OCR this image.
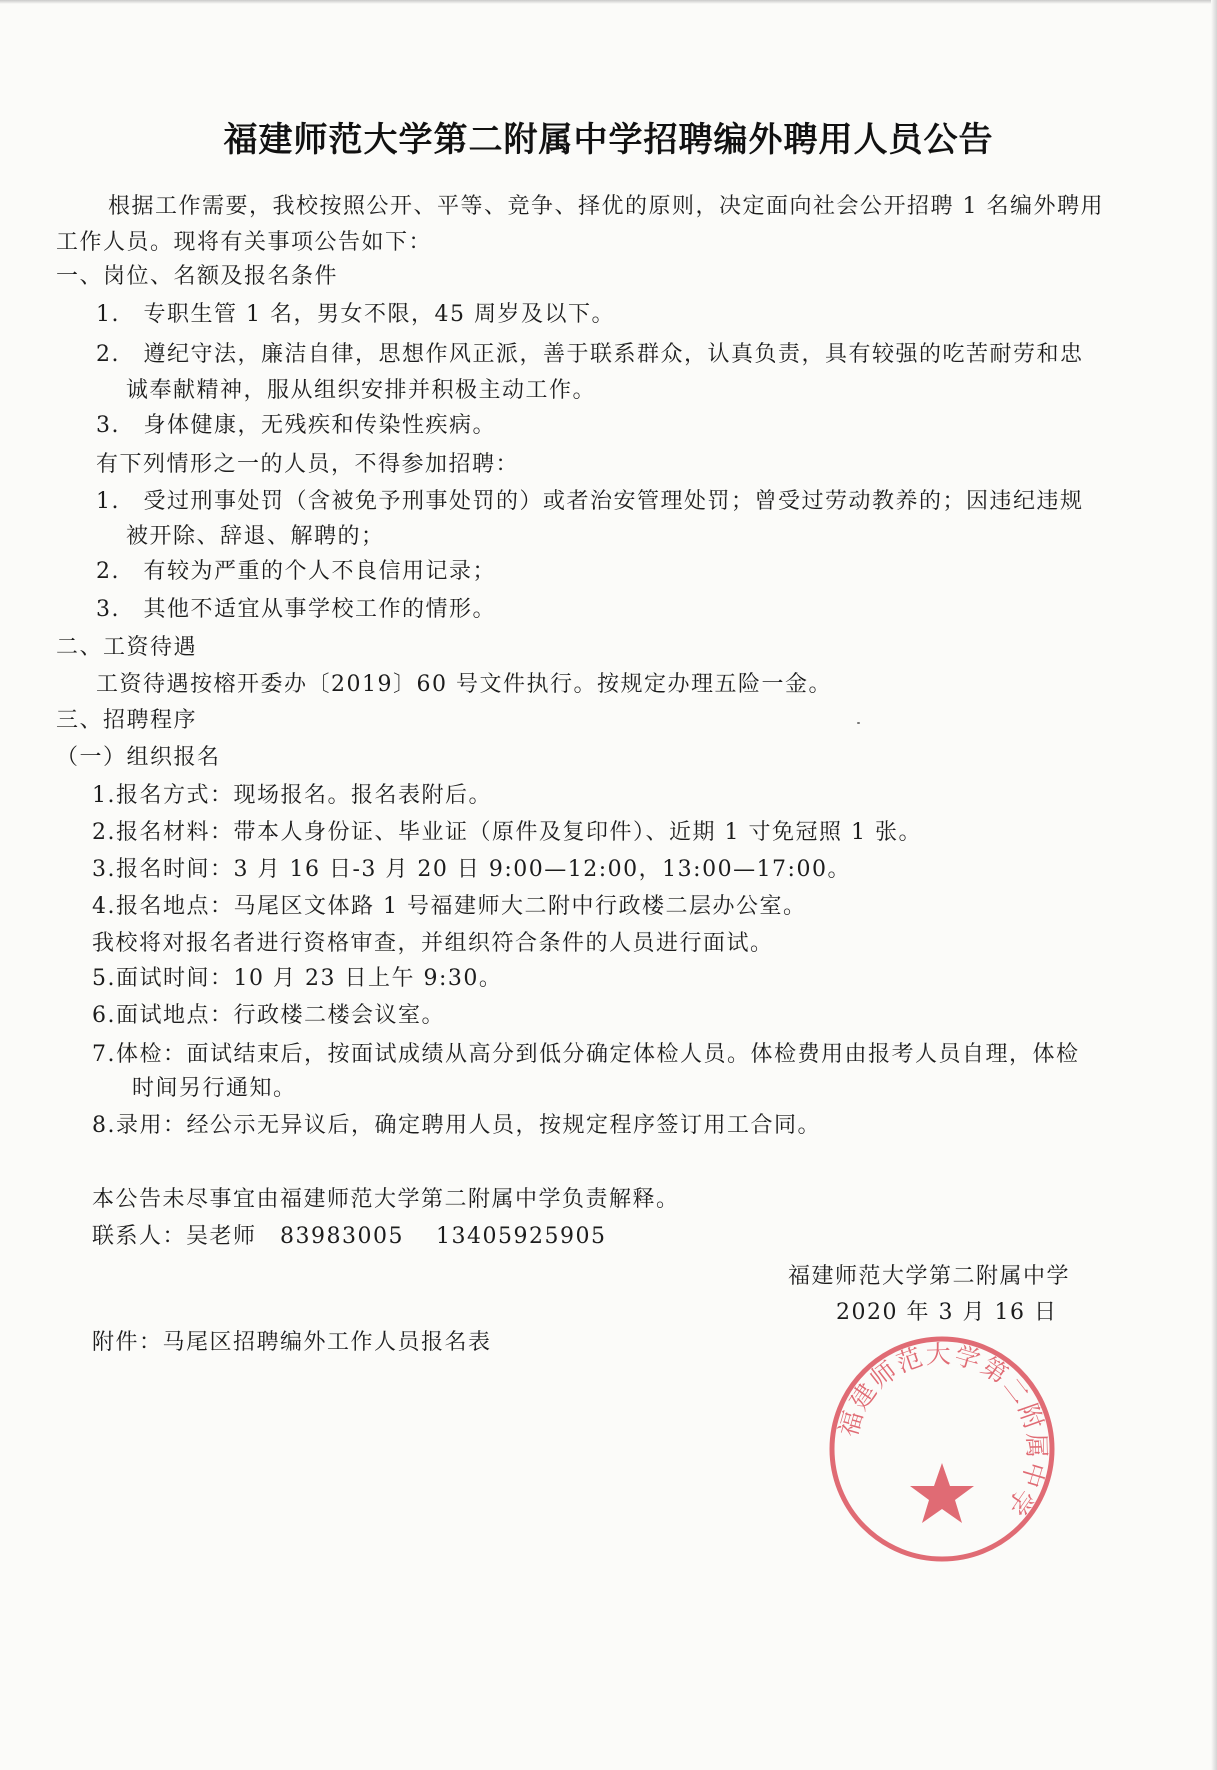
福建师范大学第二附属中学招聘编外聘用人员公告
根据工作需要，我校按照公开、平等、竞争、择优的原则，决定面向社会公开招聘 1 名编外聘用
工作人员。现将有关事项公告如下：
一、岗位、名额及报名条件
1.　专职生管 1 名，男女不限，45 周岁及以下。
2.　遵纪守法，廉洁自律，思想作风正派，善于联系群众，认真负责，具有较强的吃苦耐劳和忠
诚奉献精神，服从组织安排并积极主动工作。
3.　身体健康，无残疾和传染性疾病。
有下列情形之一的人员，不得参加招聘：
1.　受过刑事处罚（含被免予刑事处罚的）或者治安管理处罚；曾受过劳动教养的；因违纪违规
被开除、辞退、解聘的；
2.　有较为严重的个人不良信用记录；
3.　其他不适宜从事学校工作的情形。
二、工资待遇
工资待遇按榕开委办〔2019〕60 号文件执行。按规定办理五险一金。
三、招聘程序
（一）组织报名
1.报名方式：现场报名。报名表附后。
2.报名材料：带本人身份证、毕业证（原件及复印件）、近期 1 寸免冠照 1 张。
3.报名时间：3 月 16 日-3 月 20 日 9:00—12:00，13:00—17:00。
4.报名地点：马尾区文体路 1 号福建师大二附中行政楼二层办公室。
我校将对报名者进行资格审查，并组织符合条件的人员进行面试。
5.面试时间：10 月 23 日上午 9:30。
6.面试地点：行政楼二楼会议室。
7.体检：面试结束后，按面试成绩从高分到低分确定体检人员。体检费用由报考人员自理，体检
时间另行通知。
8.录用：经公示无异议后，确定聘用人员，按规定程序签订用工合同。
本公告未尽事宜由福建师范大学第二附属中学负责解释。
联系人：吴老师　83983005　 13405925905
福建师范大学第二附属中学
福建师范大学第二附属中学
2020 年 3 月 16 日
附件：马尾区招聘编外工作人员报名表
